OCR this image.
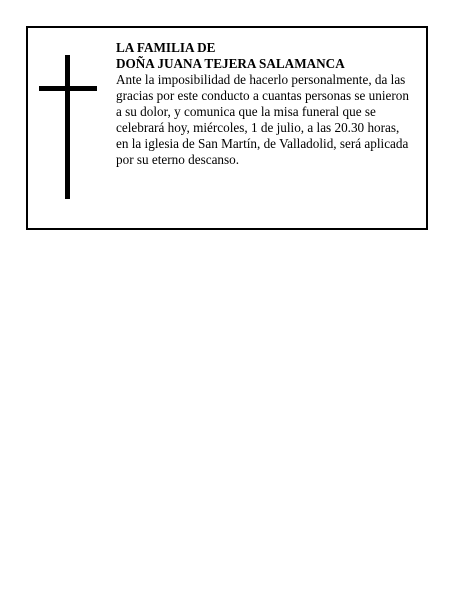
LA FAMILIA DE

DOÑA JUANA TEJERA SALAMANCA

Ante la imposibilidad de hacerlo personalmente, da las

gracias por este conducto a cuantas personas se unieron

a su dolor, y comunica que la misa funeral que se

celebrará hoy, miércoles, 1 de julio, a las 20.30 horas,

en la iglesia de San Martín, de Valladolid, será aplicada

por su eterno descanso.
